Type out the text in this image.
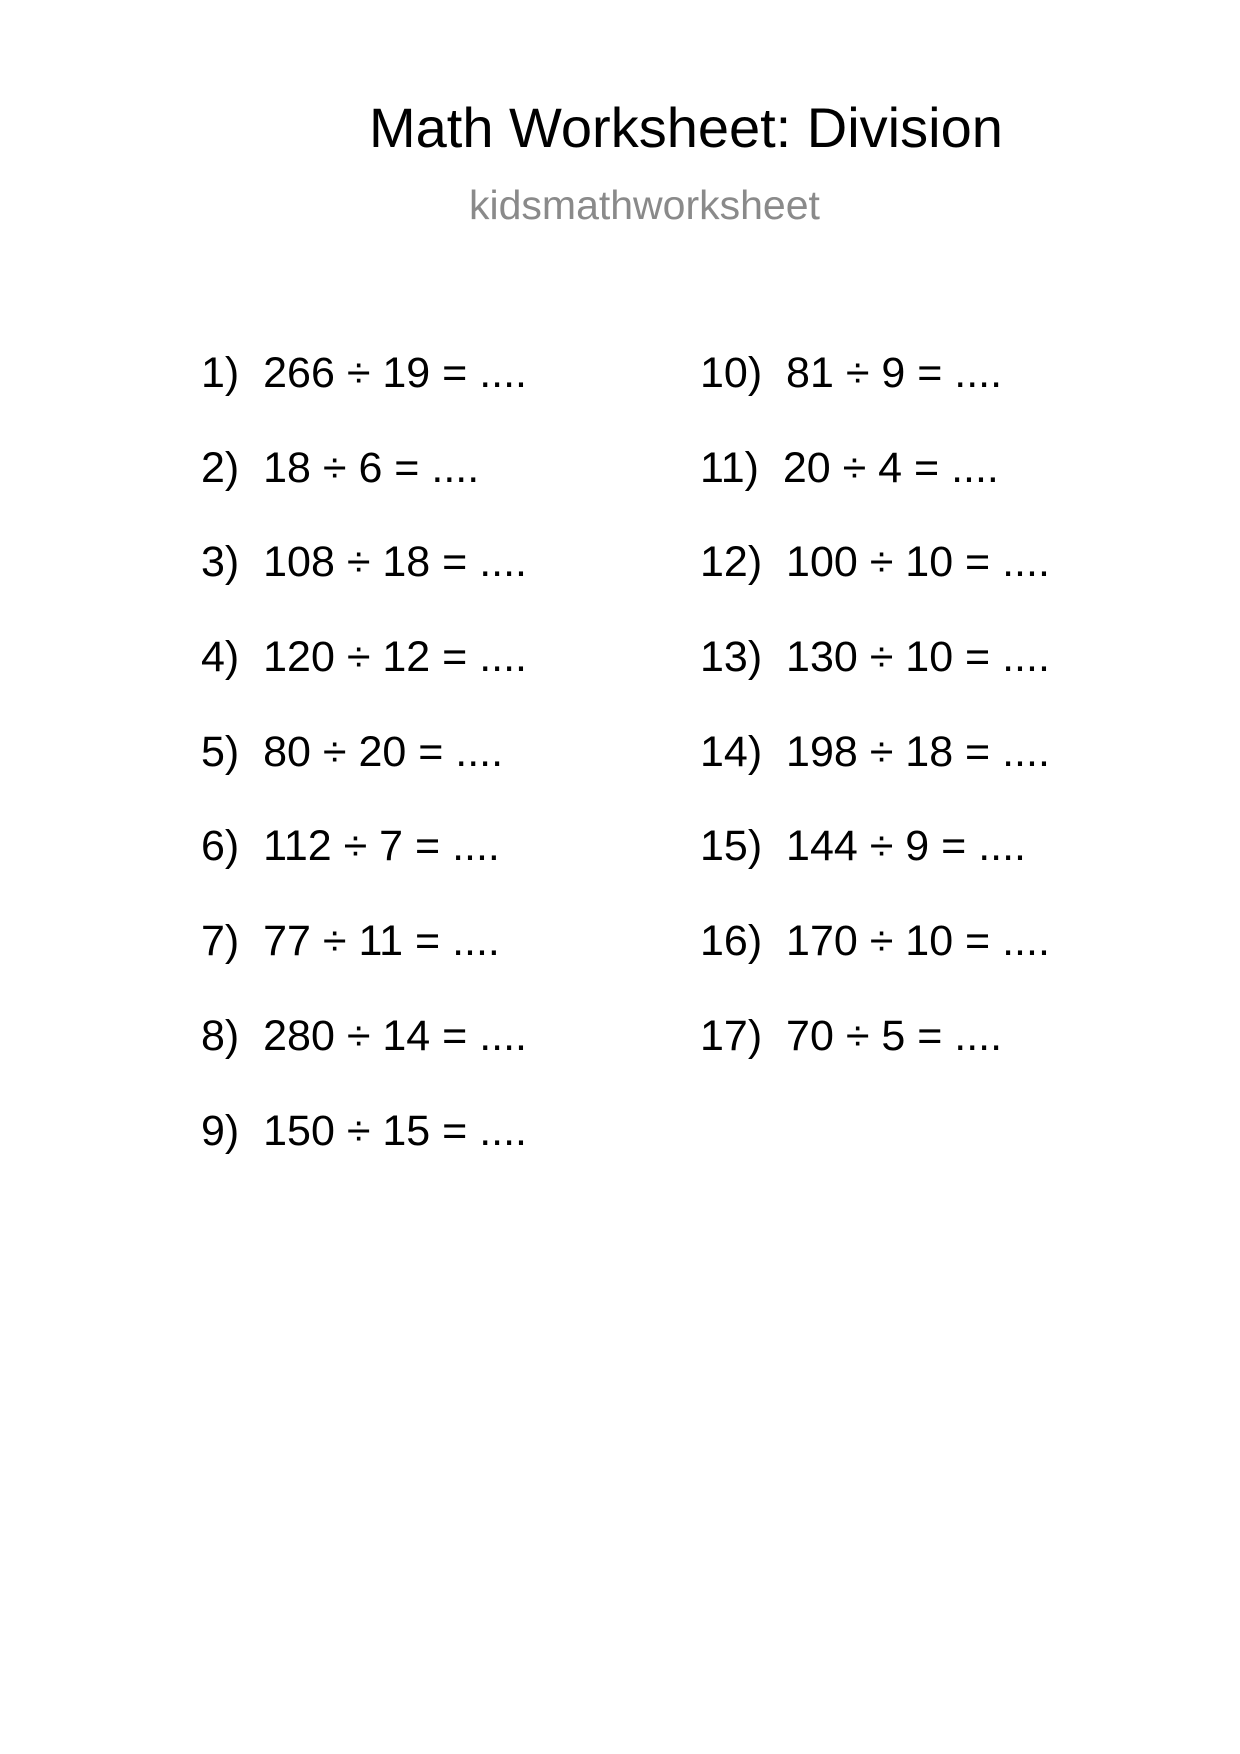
Math Worksheet: Division
kidsmathworksheet
1)  266 ÷ 19 = ....
2)  18 ÷ 6 = ....
3)  108 ÷ 18 = ....
4)  120 ÷ 12 = ....
5)  80 ÷ 20 = ....
6)  112 ÷ 7 = ....
7)  77 ÷ 11 = ....
8)  280 ÷ 14 = ....
9)  150 ÷ 15 = ....
10)  81 ÷ 9 = ....
11)  20 ÷ 4 = ....
12)  100 ÷ 10 = ....
13)  130 ÷ 10 = ....
14)  198 ÷ 18 = ....
15)  144 ÷ 9 = ....
16)  170 ÷ 10 = ....
17)  70 ÷ 5 = ....
